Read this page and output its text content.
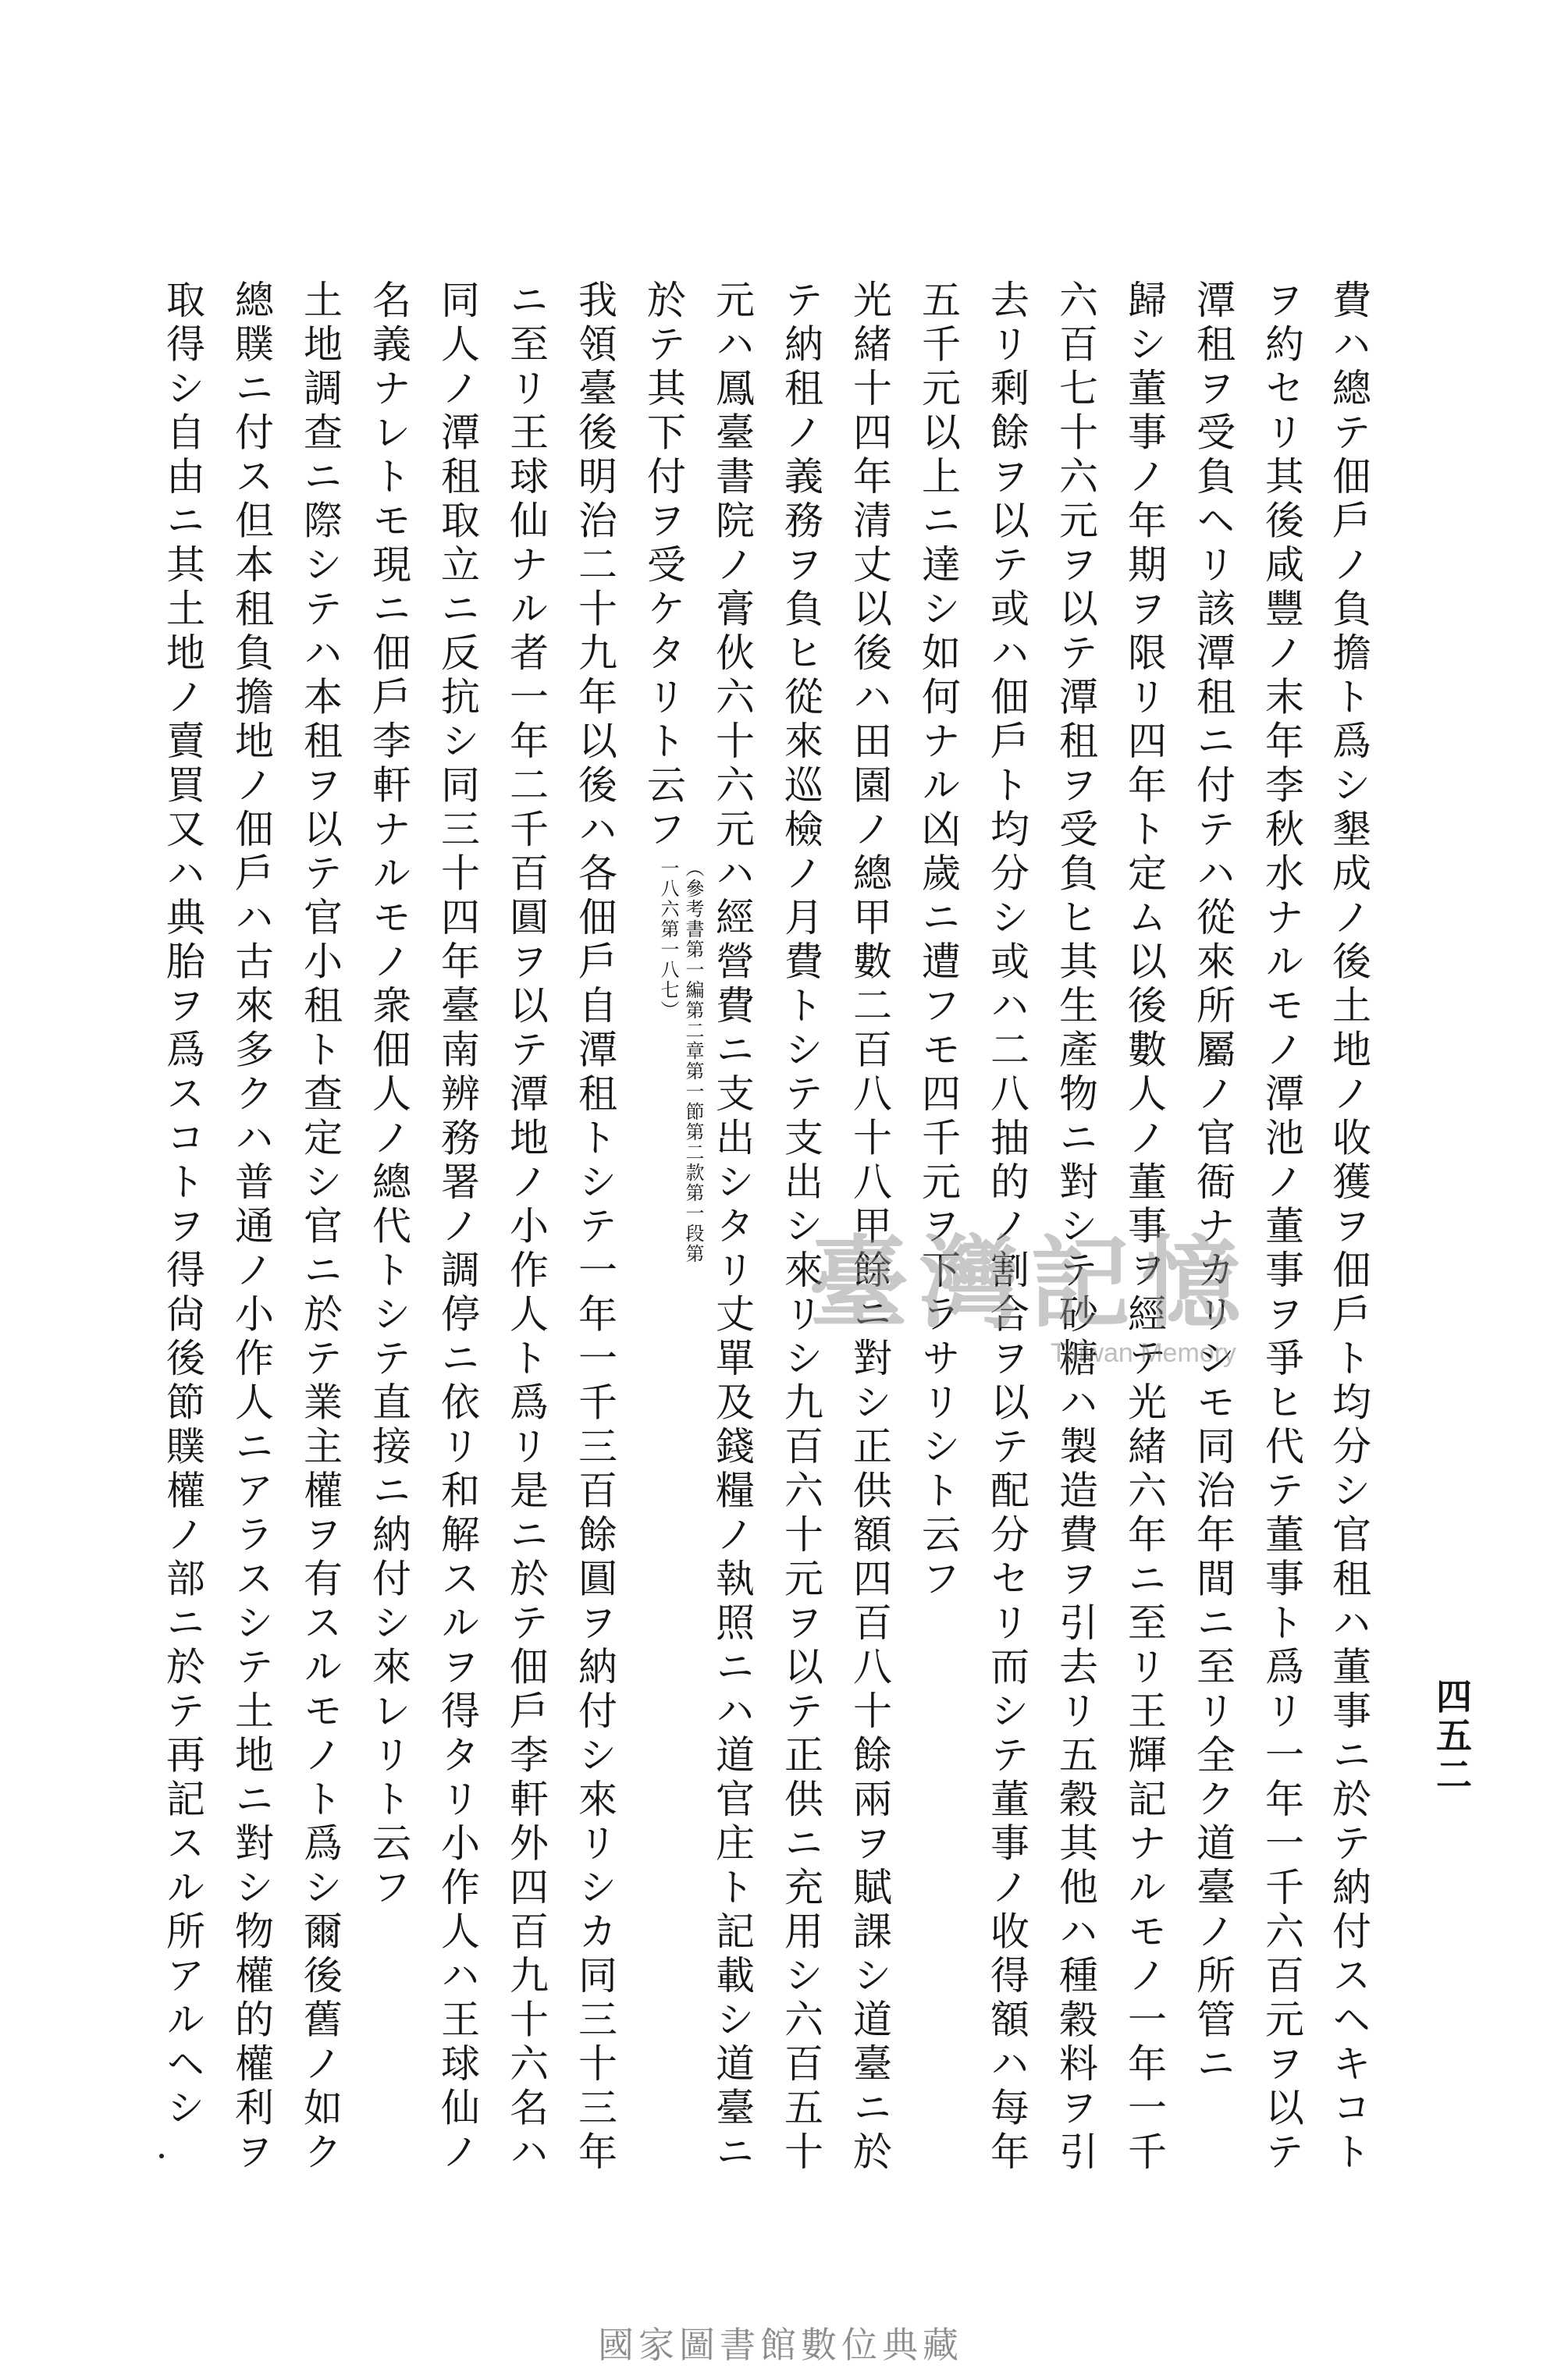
四五二
費ハ總テ佃戶ノ負擔ト爲シ墾成ノ後土地ノ收獲ヲ佃戶ト均分シ官租ハ董事ニ於テ納付スヘキコト
ヲ約セリ其後咸豐ノ末年李秋水ナルモノ潭池ノ董事ヲ爭ヒ代テ董事ト爲リ一年一千六百元ヲ以テ
潭租ヲ受負ヘリ該潭租ニ付テハ從來所屬ノ官衙ナカリシモ同治年間ニ至リ全ク道臺ノ所管ニ
歸シ董事ノ年期ヲ限リ四年ト定ム以後數人ノ董事ヲ經テ光緒六年ニ至リ王輝記ナルモノ一年一千
六百七十六元ヲ以テ潭租ヲ受負ヒ其生產物ニ對シテ砂糖ハ製造費ヲ引去リ五穀其他ハ種穀料ヲ引
去リ剩餘ヲ以テ或ハ佃戶ト均分シ或ハ二八抽的ノ割合ヲ以テ配分セリ而シテ董事ノ收得額ハ每年
五千元以上ニ達シ如何ナル凶歲ニ遭フモ四千元ヲ下ラサリシト云フ
光緒十四年清丈以後ハ田園ノ總甲數二百八十八甲餘ニ對シ正供額四百八十餘兩ヲ賦課シ道臺ニ於
テ納租ノ義務ヲ負ヒ從來巡檢ノ月費トシテ支出シ來リシ九百六十元ヲ以テ正供ニ充用シ六百五十
元ハ鳳臺書院ノ膏伙六十六元ハ經營費ニ支出シタリ丈單及錢糧ノ執照ニハ道官庄ト記載シ道臺ニ
於テ其下付ヲ受ケタリト云フ
（參考書第一編第二章第一節第二款第一段第一八六第一八七）
我領臺後明治二十九年以後ハ各佃戶自潭租トシテ一年一千三百餘圓ヲ納付シ來リシカ同三十三年
ニ至リ王球仙ナル者一年二千百圓ヲ以テ潭地ノ小作人ト爲リ是ニ於テ佃戶李軒外四百九十六名ハ
同人ノ潭租取立ニ反抗シ同三十四年臺南辨務署ノ調停ニ依リ和解スルヲ得タリ小作人ハ王球仙ノ
名義ナレトモ現ニ佃戶李軒ナルモノ衆佃人ノ總代トシテ直接ニ納付シ來レリト云フ
土地調查ニ際シテハ本租ヲ以テ官小租ト查定シ官ニ於テ業主權ヲ有スルモノト爲シ爾後舊ノ如ク
總贌ニ付ス但本租負擔地ノ佃戶ハ古來多クハ普通ノ小作人ニアラスシテ土地ニ對シ物權的權利ヲ
取得シ自由ニ其土地ノ賣買又ハ典胎ヲ爲スコトヲ得尙後節贌權ノ部ニ於テ再記スル所アルヘシ	臺灣記憶
Taiwan Memory
國家圖書館數位典藏
